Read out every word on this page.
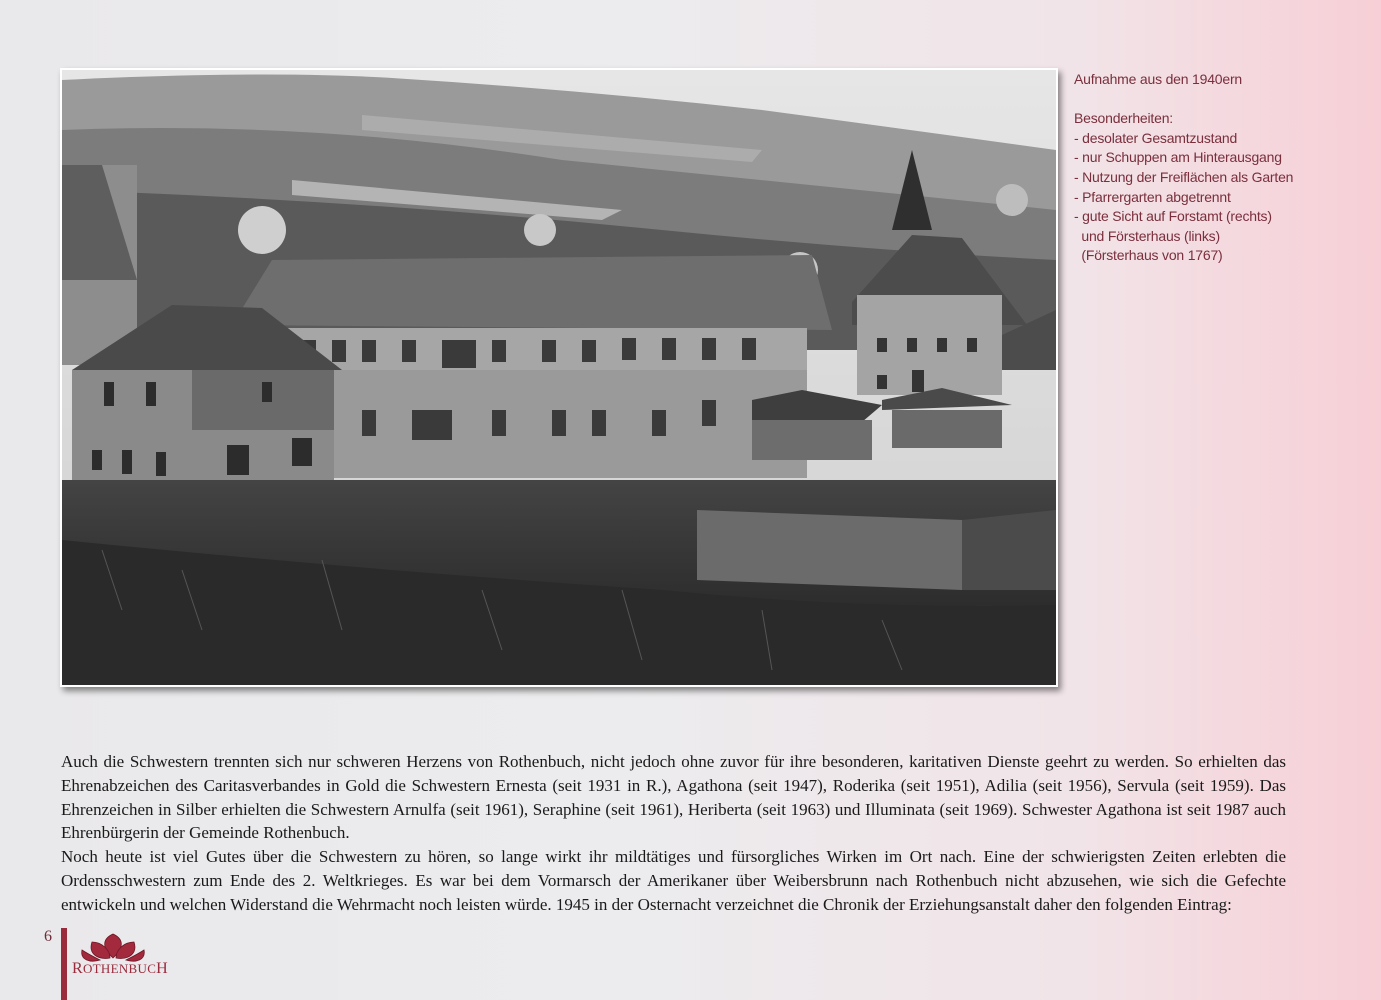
Aufnahme aus den 1940ern
Besonderheiten:
- desolater Gesamtzustand
- nur Schuppen am Hinterausgang
- Nutzung der Freiflächen als Garten
- Pfarrergarten abgetrennt
- gute Sicht auf Forstamt (rechts)
und Försterhaus (links)
(Försterhaus von 1767)

Auch die Schwestern trennten sich nur schweren Herzens von Rothenbuch, nicht jedoch ohne zuvor für ihre besonderen, karitativen Dienste geehrt zu werden. So erhielten das Ehrenabzeichen des Caritasverbandes in Gold die Schwestern Ernesta (seit 1931 in R.), Agathona (seit 1947), Roderika (seit 1951), Adilia (seit 1956), Servula (seit 1959). Das Ehrenzeichen in Silber erhielten die Schwestern Arnulfa (seit 1961), Seraphine (seit 1961), Heriberta (seit 1963) und Illuminata (seit 1969). Schwester Agathona ist seit 1987 auch Ehrenbürgerin der Gemeinde Rothenbuch.

Noch heute ist viel Gutes über die Schwestern zu hören, so lange wirkt ihr mildtätiges und fürsorgliches Wirken im Ort nach. Eine der schwierigsten Zeiten erlebten die Ordensschwestern zum Ende des 2. Weltkrieges. Es war bei dem Vormarsch der Amerikaner über Weibersbrunn nach Rothenbuch nicht abzusehen, wie sich die Gefechte entwickeln und welchen Widerstand die Wehrmacht noch leisten würde. 1945 in der Osternacht verzeichnet die Chronik der Erziehungsanstalt daher den folgenden Eintrag:

6
ROTHENBUCH
